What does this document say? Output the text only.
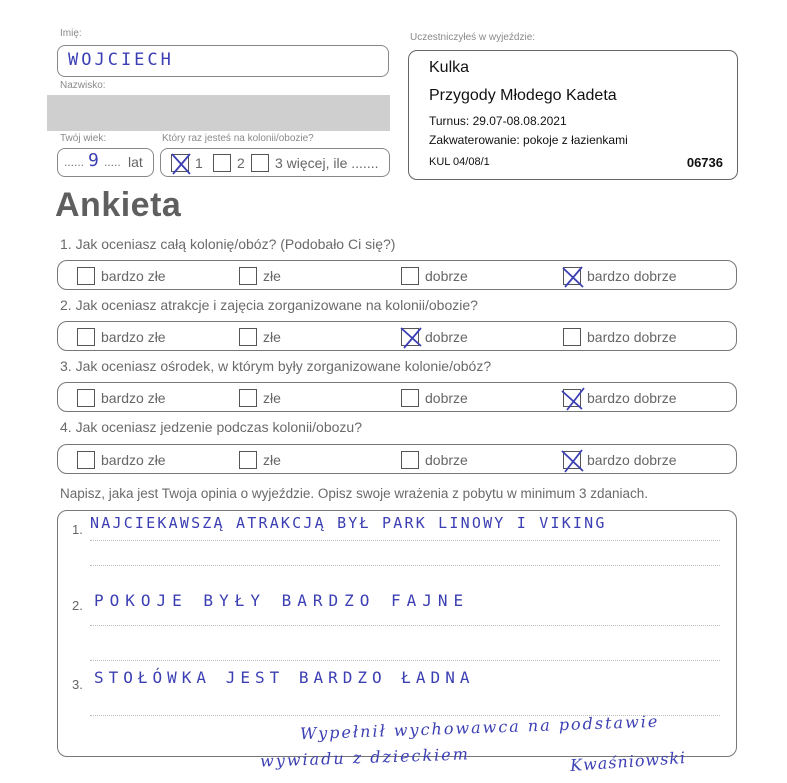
Imię:
WOJCIECH
Nazwisko:
Twój wiek:
...... 9 ..... lat
Który raz jesteś na kolonii/obozie?
1 2 3 więcej, ile .......
Uczestniczyłeś w wyjeździe:
Kulka
Przygody Młodego Kadeta
Turnus: 29.07-08.08.2021
Zakwaterowanie: pokoje z łazienkami
KUL 04/08/1	06736
Ankieta
1. Jak oceniasz całą kolonię/obóz? (Podobało Ci się?)
bardzo złe	złe	dobrze	bardzo dobrze
2. Jak oceniasz atrakcje i zajęcia zorganizowane na kolonii/obozie?
bardzo złe	złe	dobrze	bardzo dobrze
3. Jak oceniasz ośrodek, w którym były zorganizowane kolonie/obóz?
bardzo złe	złe	dobrze	bardzo dobrze
4. Jak oceniasz jedzenie podczas kolonii/obozu?
bardzo złe	złe	dobrze	bardzo dobrze
Napisz, jaka jest Twoja opinia o wyjeździe. Opisz swoje wrażenia z pobytu w minimum 3 zdaniach.
1. NAJCIEKAWSZĄ ATRAKCJĄ BYŁ PARK LINOWY I VIKING
2. POKOJE BYŁY BARDZO FAJNE
3. STOŁÓWKA JEST BARDZO ŁADNA
Wypełnił wychowawca na podstawie
wywiadu z dzieckiem	Kwaśniowski
